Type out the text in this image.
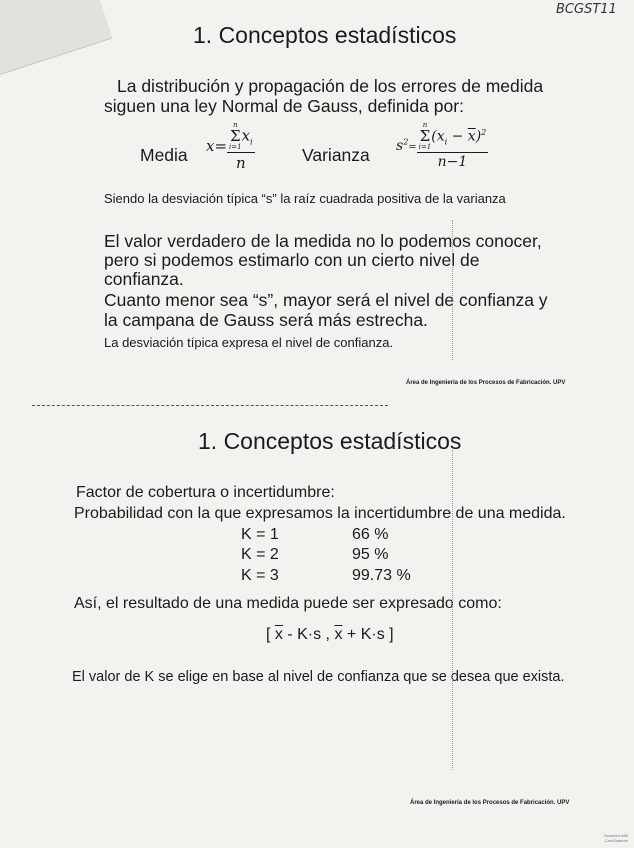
BCGST11
1. Conceptos estadísticos
La distribución y propagación de los errores de medida
siguen una ley Normal de Gauss, definida por:
Media x= n
Σ
i=1
$x_i$
n	Varianza $s^2= n$
Σ
i=1
$(x_i - \overline{x})^2$
n−1
Siendo la desviación típica “s” la raíz cuadrada positiva de la varianza
El valor verdadero de la medida no lo podemos conocer,
pero si podemos estimarlo con un cierto nivel de
confianza.
Cuanto menor sea “s”, mayor será el nivel de confianza y
la campana de Gauss será más estrecha.
La desviación típica expresa el nivel de confianza.
Área de Ingeniería de los Procesos de Fabricación. UPV
1. Conceptos estadísticos
Factor de cobertura o incertidumbre:
Probabilidad con la que expresamos la incertidumbre de una medida.
K = 1	66 %
K = 2	95 %
K = 3	99.73 %
Así, el resultado de una medida puede ser expresado como:
[ $\overline{x} - K\cdot s$ , $\overline{x} + K\cdot s$ ]
El valor de K se elige en base al nivel de confianza que se desea que exista.
Área de Ingeniería de los Procesos de Fabricación. UPV
Scanned with
CamScanner
